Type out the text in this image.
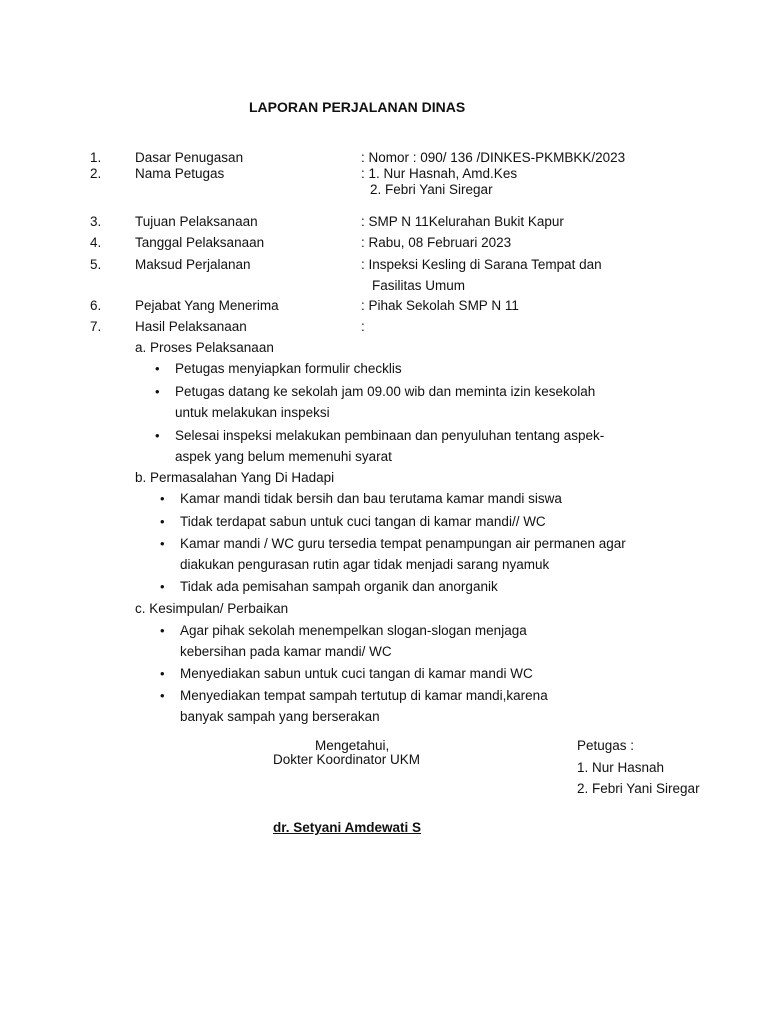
LAPORAN PERJALANAN DINAS
1. Dasar Penugasan	: Nomor : 090/ 136 /DINKES-PKMBKK/2023
2. Nama Petugas	: 1. Nur Hasnah, Amd.Kes
2. Febri Yani Siregar
3. Tujuan Pelaksanaan	: SMP N 11Kelurahan Bukit Kapur
4. Tanggal Pelaksanaan	: Rabu, 08 Februari 2023
5. Maksud Perjalanan	: Inspeksi Kesling di Sarana Tempat dan
Fasilitas Umum
6. Pejabat Yang Menerima	: Pihak Sekolah SMP N 11
7. Hasil Pelaksanaan	:
a. Proses Pelaksanaan
• Petugas menyiapkan formulir checklis
• Petugas datang ke sekolah jam 09.00 wib dan meminta izin kesekolah
untuk melakukan inspeksi
• Selesai inspeksi melakukan pembinaan dan penyuluhan tentang aspek-
aspek yang belum memenuhi syarat
b. Permasalahan Yang Di Hadapi
• Kamar mandi tidak bersih dan bau terutama kamar mandi siswa
• Tidak terdapat sabun untuk cuci tangan di kamar mandi// WC
• Kamar mandi / WC guru tersedia tempat penampungan air permanen agar
diakukan pengurasan rutin agar tidak menjadi sarang nyamuk
• Tidak ada pemisahan sampah organik dan anorganik
c. Kesimpulan/ Perbaikan
• Agar pihak sekolah menempelkan slogan-slogan menjaga
kebersihan pada kamar mandi/ WC
• Menyediakan sabun untuk cuci tangan di kamar mandi WC
• Menyediakan tempat sampah tertutup di kamar mandi,karena
banyak sampah yang berserakan
Mengetahui,
Dokter Koordinator UKM
dr. Setyani Amdewati S
Petugas :
1. Nur Hasnah
2. Febri Yani Siregar
